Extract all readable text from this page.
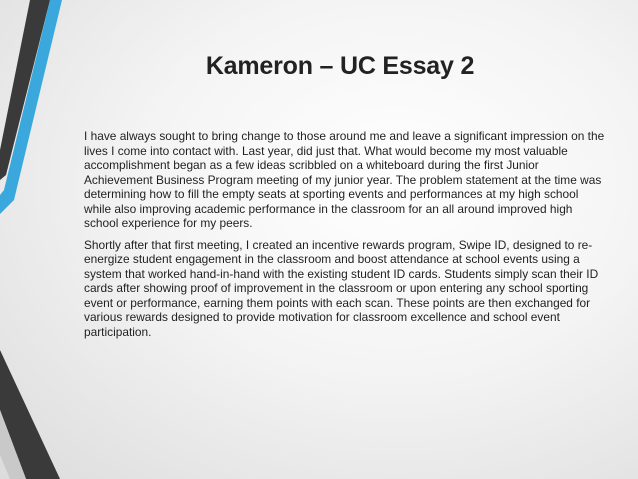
Kameron – UC Essay 2

I have always sought to bring change to those around me and leave a significant impression on the lives I come into contact with. Last year, did just that. What would become my most valuable accomplishment began as a few ideas scribbled on a whiteboard during the first Junior Achievement Business Program meeting of my junior year. The problem statement at the time was determining how to fill the empty seats at sporting events and performances at my high school while also improving academic performance in the classroom for an all around improved high school experience for my peers.

Shortly after that first meeting, I created an incentive rewards program, Swipe ID, designed to re-energize student engagement in the classroom and boost attendance at school events using a system that worked hand-in-hand with the existing student ID cards. Students simply scan their ID cards after showing proof of improvement in the classroom or upon entering any school sporting event or performance, earning them points with each scan. These points are then exchanged for various rewards designed to provide motivation for classroom excellence and school event participation.
